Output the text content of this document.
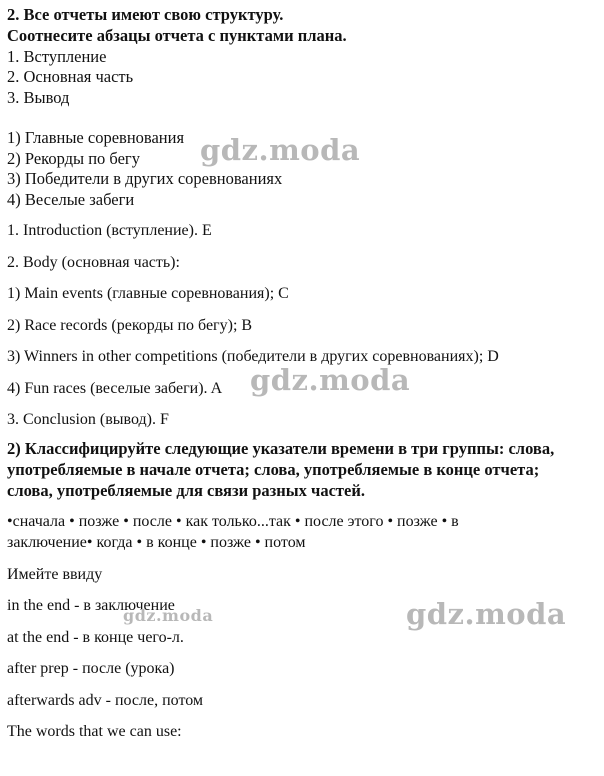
2. Все отчеты имеют свою структуру.
Соотнесите абзацы отчета с пунктами плана.
1. Вступление
2. Основная часть
3. Вывод
1) Главные соревнования
2) Рекорды по бегу
3) Победители в других соревнованиях
4) Веселые забеги
1. Introduction (вступление). E
2. Body (основная часть):
1) Main events (главные соревнования); C
2) Race records (рекорды по бегу); B
3) Winners in other competitions (победители в других соревнованиях); D
4) Fun races (веселые забеги). A
3. Conclusion (вывод). F
2) Классифицируйте следующие указатели времени в три группы: слова,
употребляемые в начале отчета; слова, употребляемые в конце отчета;
слова, употребляемые для связи разных частей.
•сначала • позже • после • как только...так • после этого • позже • в
заключение• когда • в конце • позже • потом
Имейте ввиду
in the end - в заключение
at the end - в конце чего-л.
after prep - после (урока)
afterwards adv - после, потом
The words that we can use:
gdz.moda
gdz.moda
gdz.moda	gdz.moda
